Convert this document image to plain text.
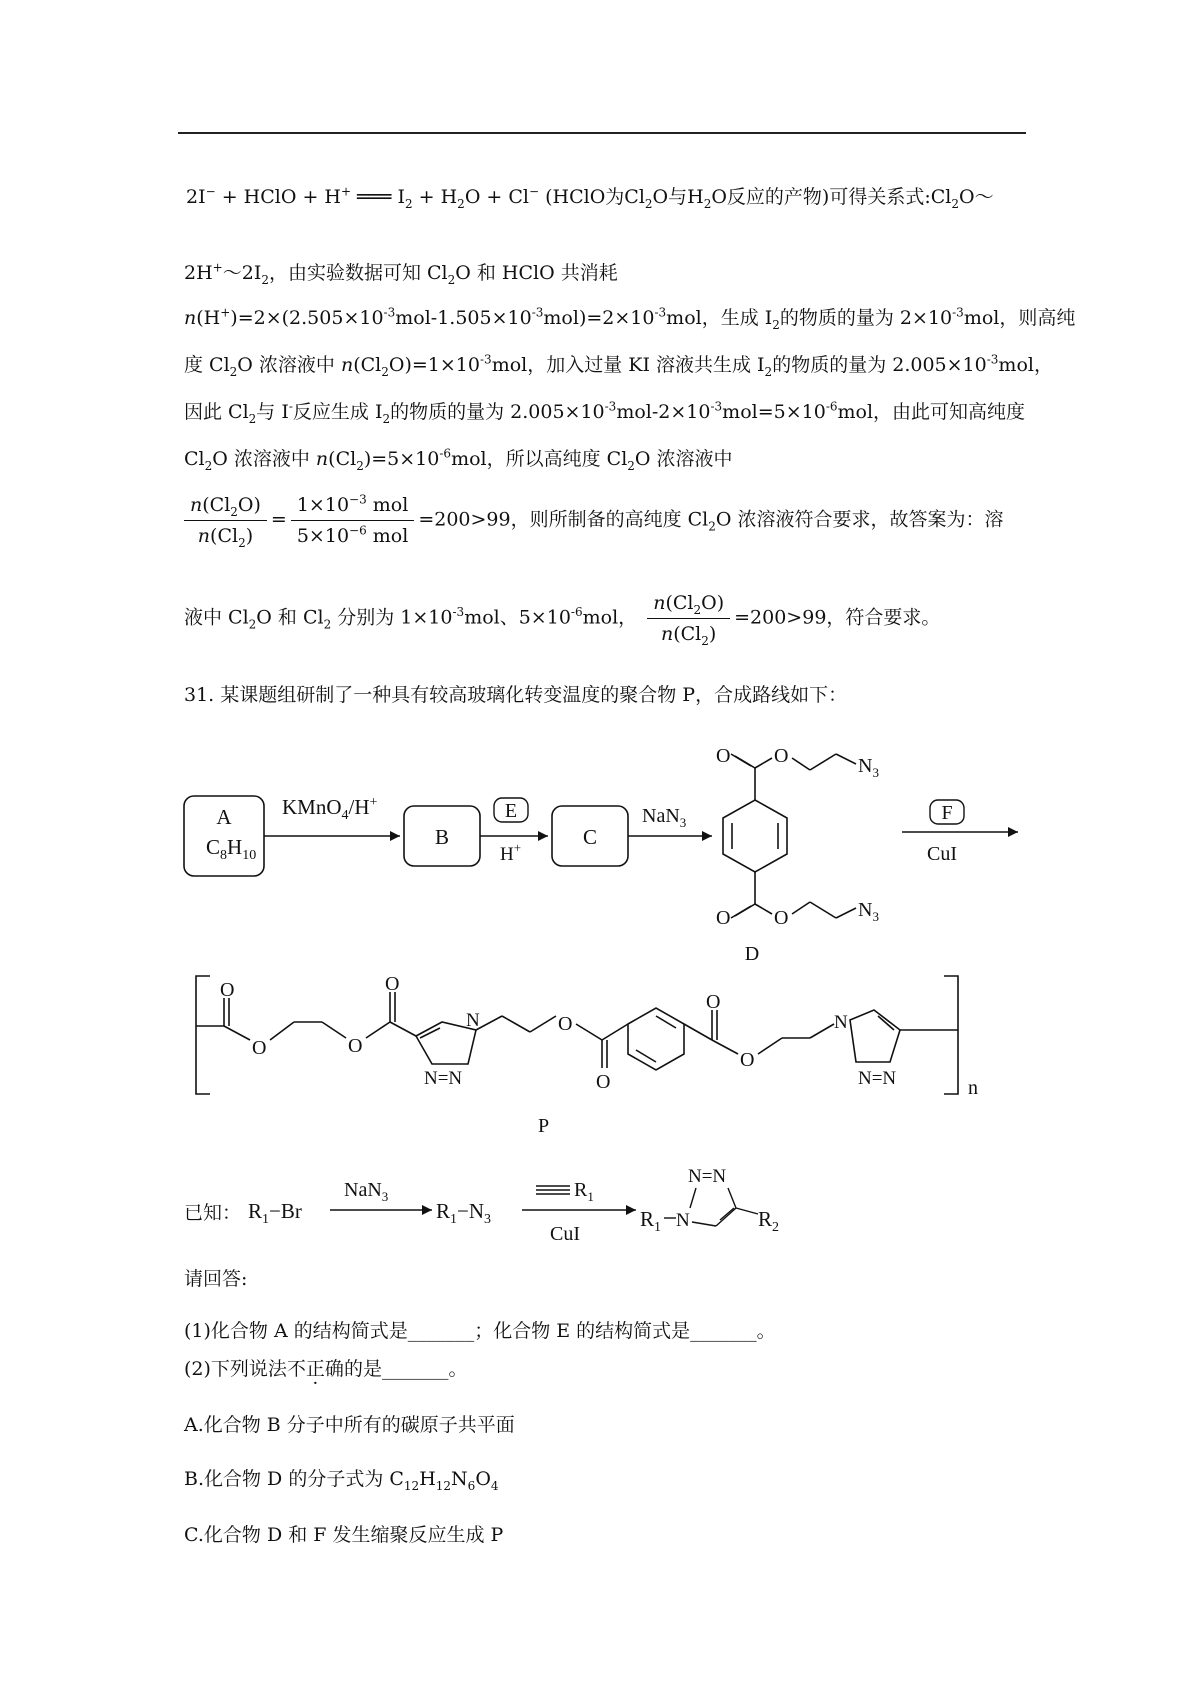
2I− + HClO + H+ ═══ $I_2 + H_2O + Cl^-$ (HClO为$Cl_2O$与$H_2O$反应的产物)可得关系式$:Cl_2O\sim$
$2H^+\sim 2I_2$，由实验数据可知 $Cl_2O$ 和 HClO 共消耗
$n(H^+)=2\times(2.505\times 10^{-3}mol-1.505\times 10^{-3}mol)=2\times 10^{-3}mol$，生成 $I_2$的物质的量为 $2\times 10^{-3}mol$，则高纯
度 $Cl_2O$ 浓溶液中 $n(Cl_2O)=1\times 10^{-3}mol$，加入过量 KI 溶液共生成 $I_2$的物质的量为 $2.005\times 10^{-3}mol$，
因此 $Cl_2$与 I-反应生成 $I_2$的物质的量为 $2.005\times 10^{-3}mol-2\times 10^{-3}mol=5\times 10^{-6}mol$，由此可知高纯度
$Cl_2O$ 浓溶液中 $n(Cl_2)=5\times 10^{-6}mol$，所以高纯度 $Cl_2O$ 浓溶液中
$\frac{n(Cl_2O)}{n(Cl_2)} = \frac{1\times 10^{-3} mol}{5\times 10^{-6} mol} =200>99$，则所制备的高纯度 $Cl_2O$ 浓溶液符合要求，故答案为：溶
液中 $Cl_2O$ 和 $Cl_2$ 分别为 $1\times 10^{-3}mol$、$5\times 10^{-6}mol$， $\frac{n(Cl_2O)}{n(Cl_2)} =200>99$，符合要求。
31. 某课题组研制了一种具有较高玻璃化转变温度的聚合物 P，合成路线如下：
A
$C_8H_{10}$
KMnO$_4$/H+
B
E
H+	C
NaN$_3$
O O	$N_3$
O O	$N_3$
D
F
CuI
O
O	O
O
O
O
O
O
N
N=N
N
N=N	n
P
已知： $R_1-Br$
NaN$_3$
$R_1-N_3$
$R_1$
CuI
$R_1$ N
N=N
$R_2$
请回答:
(1)化合物 A 的结构简式是_______；化合物 E 的结构简式是_______。
(2)下列说法不正确的是_______。
A.化合物 B 分子中所有的碳原子共平面
B.化合物 D 的分子式为 $C_{12}H_{12}N_6O_4$
C.化合物 D 和 F 发生缩聚反应生成 P
